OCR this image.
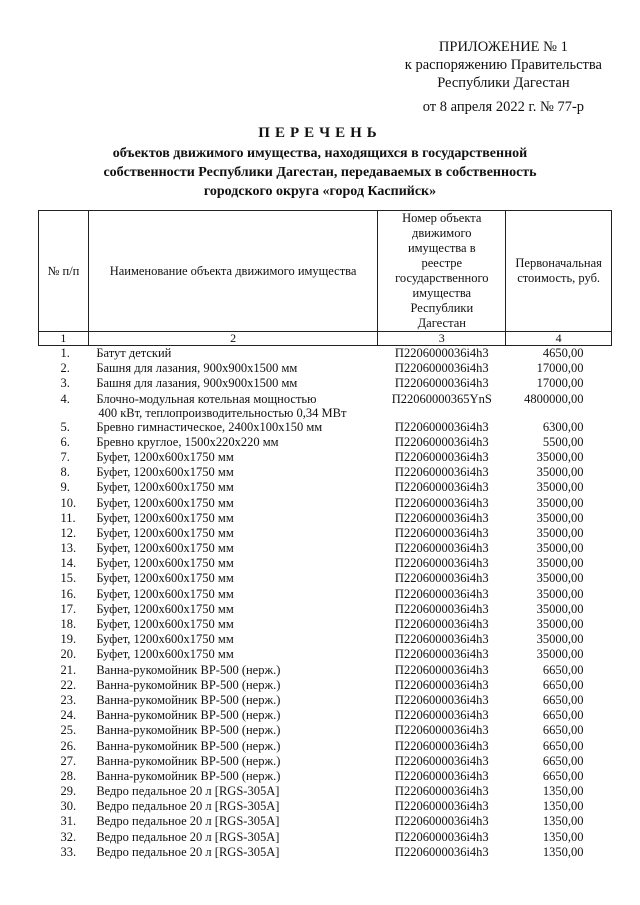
ПРИЛОЖЕНИЕ № 1
к распоряжению Правительства
Республики Дагестан
от 8 апреля 2022 г. № 77-р
ПЕРЕЧЕНЬ
объектов движимого имущества, находящихся в государственной
собственности Республики Дагестан, передаваемых в собственность
городского округа «город Каспийск»
№ п/п	Наименование объекта движимого имущества	Номер объекта движимого имущества в реестре государственного имущества Республики Дагестан	Первоначальная стоимость, руб.
1	2	3	4
1.	Батут детский	П2206000036i4h3	4650,00
2.	Башня для лазания, 900х900х1500 мм	П2206000036i4h3	17000,00
3.	Башня для лазания, 900х900х1500 мм	П2206000036i4h3	17000,00
4.	Блочно-модульная котельная мощностью
400 кВт, теплопроизводительностью 0,34 МВт	П22060000365YnS	4800000,00
5.	Бревно гимнастическое, 2400х100х150 мм	П2206000036i4h3	6300,00
6.	Бревно круглое, 1500х220х220 мм	П2206000036i4h3	5500,00
7.	Буфет, 1200х600х1750 мм	П2206000036i4h3	35000,00
8.	Буфет, 1200х600х1750 мм	П2206000036i4h3	35000,00
9.	Буфет, 1200х600х1750 мм	П2206000036i4h3	35000,00
10.	Буфет, 1200х600х1750 мм	П2206000036i4h3	35000,00
11.	Буфет, 1200х600х1750 мм	П2206000036i4h3	35000,00
12.	Буфет, 1200х600х1750 мм	П2206000036i4h3	35000,00
13.	Буфет, 1200х600х1750 мм	П2206000036i4h3	35000,00
14.	Буфет, 1200х600х1750 мм	П2206000036i4h3	35000,00
15.	Буфет, 1200х600х1750 мм	П2206000036i4h3	35000,00
16.	Буфет, 1200х600х1750 мм	П2206000036i4h3	35000,00
17.	Буфет, 1200х600х1750 мм	П2206000036i4h3	35000,00
18.	Буфет, 1200х600х1750 мм	П2206000036i4h3	35000,00
19.	Буфет, 1200х600х1750 мм	П2206000036i4h3	35000,00
20.	Буфет, 1200х600х1750 мм	П2206000036i4h3	35000,00
21.	Ванна-рукомойник ВР-500 (нерж.)	П2206000036i4h3	6650,00
22.	Ванна-рукомойник ВР-500 (нерж.)	П2206000036i4h3	6650,00
23.	Ванна-рукомойник ВР-500 (нерж.)	П2206000036i4h3	6650,00
24.	Ванна-рукомойник ВР-500 (нерж.)	П2206000036i4h3	6650,00
25.	Ванна-рукомойник ВР-500 (нерж.)	П2206000036i4h3	6650,00
26.	Ванна-рукомойник ВР-500 (нерж.)	П2206000036i4h3	6650,00
27.	Ванна-рукомойник ВР-500 (нерж.)	П2206000036i4h3	6650,00
28.	Ванна-рукомойник ВР-500 (нерж.)	П2206000036i4h3	6650,00
29.	Ведро педальное 20 л [RGS-305A]	П2206000036i4h3	1350,00
30.	Ведро педальное 20 л [RGS-305A]	П2206000036i4h3	1350,00
31.	Ведро педальное 20 л [RGS-305A]	П2206000036i4h3	1350,00
32.	Ведро педальное 20 л [RGS-305A]	П2206000036i4h3	1350,00
33.	Ведро педальное 20 л [RGS-305A]	П2206000036i4h3	1350,00
